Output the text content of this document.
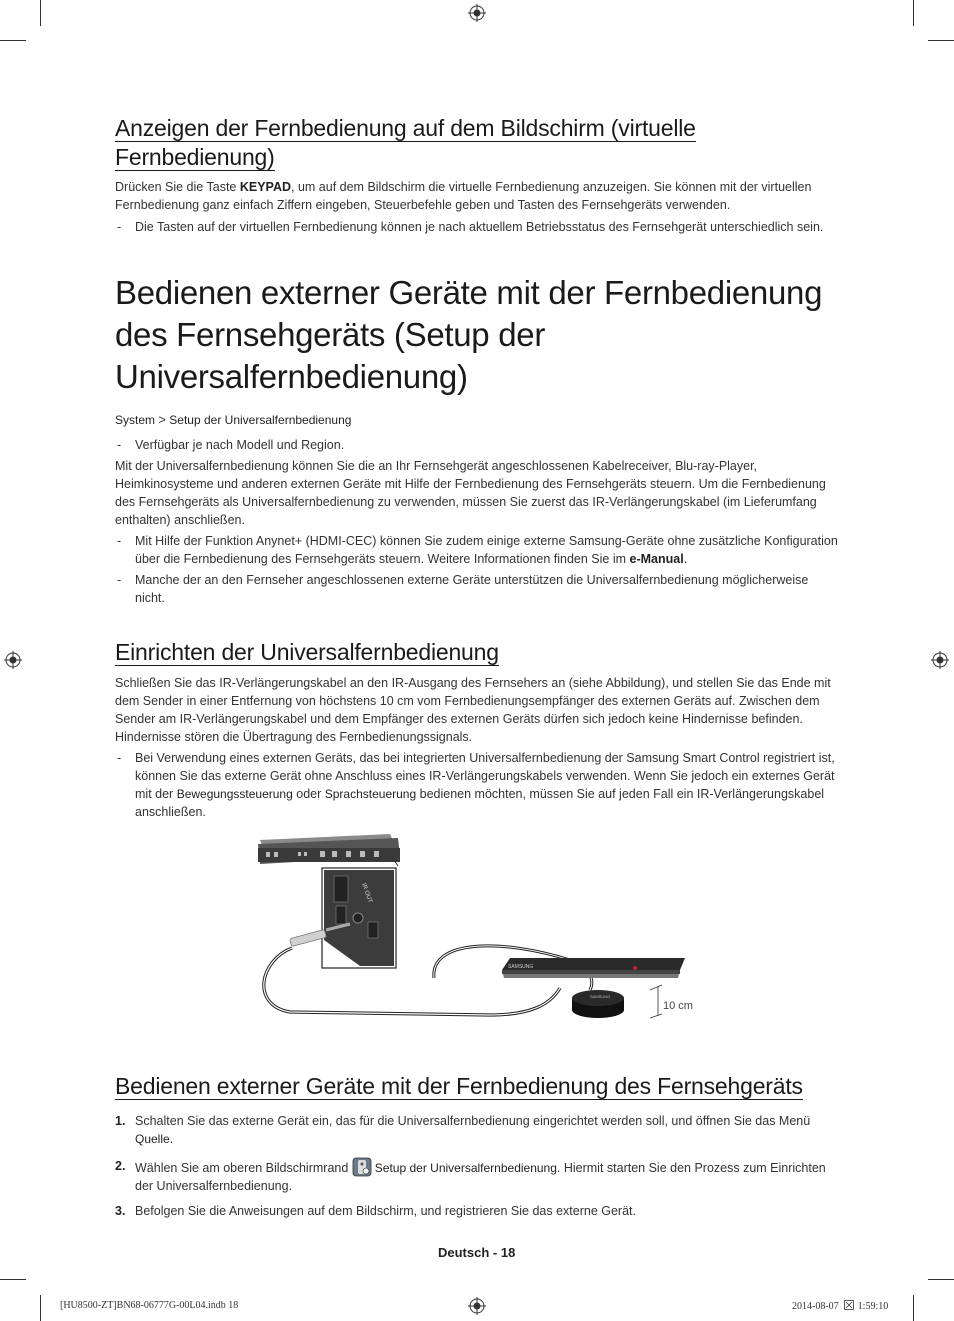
Anzeigen der Fernbedienung auf dem Bildschirm (virtuelle Fernbedienung)
Drücken Sie die Taste KEYPAD, um auf dem Bildschirm die virtuelle Fernbedienung anzuzeigen. Sie können mit der virtuellen Fernbedienung ganz einfach Ziffern eingeben, Steuerbefehle geben und Tasten des Fernsehgeräts verwenden.
- Die Tasten auf der virtuellen Fernbedienung können je nach aktuellem Betriebsstatus des Fernsehgerät unterschiedlich sein.
Bedienen externer Geräte mit der Fernbedienung des Fernsehgeräts (Setup der Universalfernbedienung)
System > Setup der Universalfernbedienung
- Verfügbar je nach Modell und Region.
Mit der Universalfernbedienung können Sie die an Ihr Fernsehgerät angeschlossenen Kabelreceiver, Blu-ray-Player, Heimkinosysteme und anderen externen Geräte mit Hilfe der Fernbedienung des Fernsehgeräts steuern. Um die Fernbedienung des Fernsehgeräts als Universalfernbedienung zu verwenden, müssen Sie zuerst das IR-Verlängerungskabel (im Lieferumfang enthalten) anschließen.
- Mit Hilfe der Funktion Anynet+ (HDMI-CEC) können Sie zudem einige externe Samsung-Geräte ohne zusätzliche Konfiguration über die Fernbedienung des Fernsehgeräts steuern. Weitere Informationen finden Sie im e-Manual.
- Manche der an den Fernseher angeschlossenen externe Geräte unterstützen die Universalfernbedienung möglicherweise nicht.
Einrichten der Universalfernbedienung
Schließen Sie das IR-Verlängerungskabel an den IR-Ausgang des Fernsehers an (siehe Abbildung), und stellen Sie das Ende mit dem Sender in einer Entfernung von höchstens 10 cm vom Fernbedienungsempfänger des externen Geräts auf. Zwischen dem Sender am IR-Verlängerungskabel und dem Empfänger des externen Geräts dürfen sich jedoch keine Hindernisse befinden. Hindernisse stören die Übertragung des Fernbedienungssignals.
- Bei Verwendung eines externen Geräts, das bei integrierten Universalfernbedienung der Samsung Smart Control registriert ist, können Sie das externe Gerät ohne Anschluss eines IR-Verlängerungskabels verwenden. Wenn Sie jedoch ein externes Gerät mit der Bewegungssteuerung oder Sprachsteuerung bedienen möchten, müssen Sie auf jeden Fall ein IR-Verlängerungskabel anschließen.
IR OUT
SAMSUNG
SAMSUNG
10 cm
Bedienen externer Geräte mit der Fernbedienung des Fernsehgeräts
1. Schalten Sie das externe Gerät ein, das für die Universalfernbedienung eingerichtet werden soll, und öffnen Sie das Menü Quelle.
2. Wählen Sie am oberen Bildschirmrand Setup der Universalfernbedienung. Hiermit starten Sie den Prozess zum Einrichten der Universalfernbedienung.
3. Befolgen Sie die Anweisungen auf dem Bildschirm, und registrieren Sie das externe Gerät.
Deutsch - 18
[HU8500-ZT]BN68-06777G-00L04.indb 18	2014-08-07 1:59:10
